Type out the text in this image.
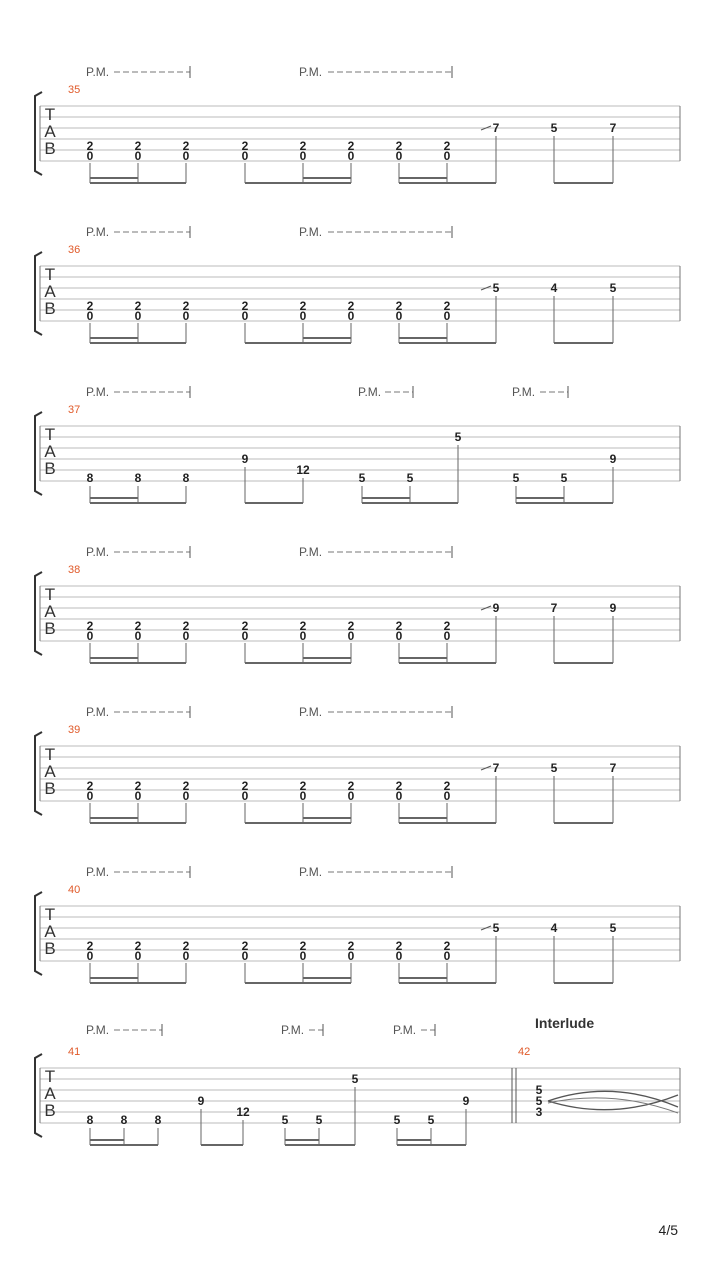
P.M.	P.M.
T
A
B
35
2
0
2
0
2
0
2
0
2
0
2
0
2
0
2
0
7	5	7
P.M.	P.M.
T
A
B
36
2
0
2
0
2
0
2
0
2
0
2
0
2
0
2
0
5	4	5
P.M.	P.M.
T
A
B
38
2
0
2
0
2
0
2
0
2
0
2
0
2
0
2
0
9	7	9
P.M.	P.M.
T
A
B
39
2
0
2
0
2
0
2
0
2
0
2
0
2
0
2
0
7	5	7
P.M.	P.M.
T
A
B
40
2
0
2
0
2
0
2
0
2
0
2
0
2
0
2
0
5	4	5
P.M.	P.M.	P.M.
T
A
B
37
8	8	8
9
12
5	5
5
5	5
9
P.M.	P.M.	P.M.	Interlude
T
A
B
41	42
8 8 8
9
12
5 5
5
5 5
9
5
5
3
4/5
